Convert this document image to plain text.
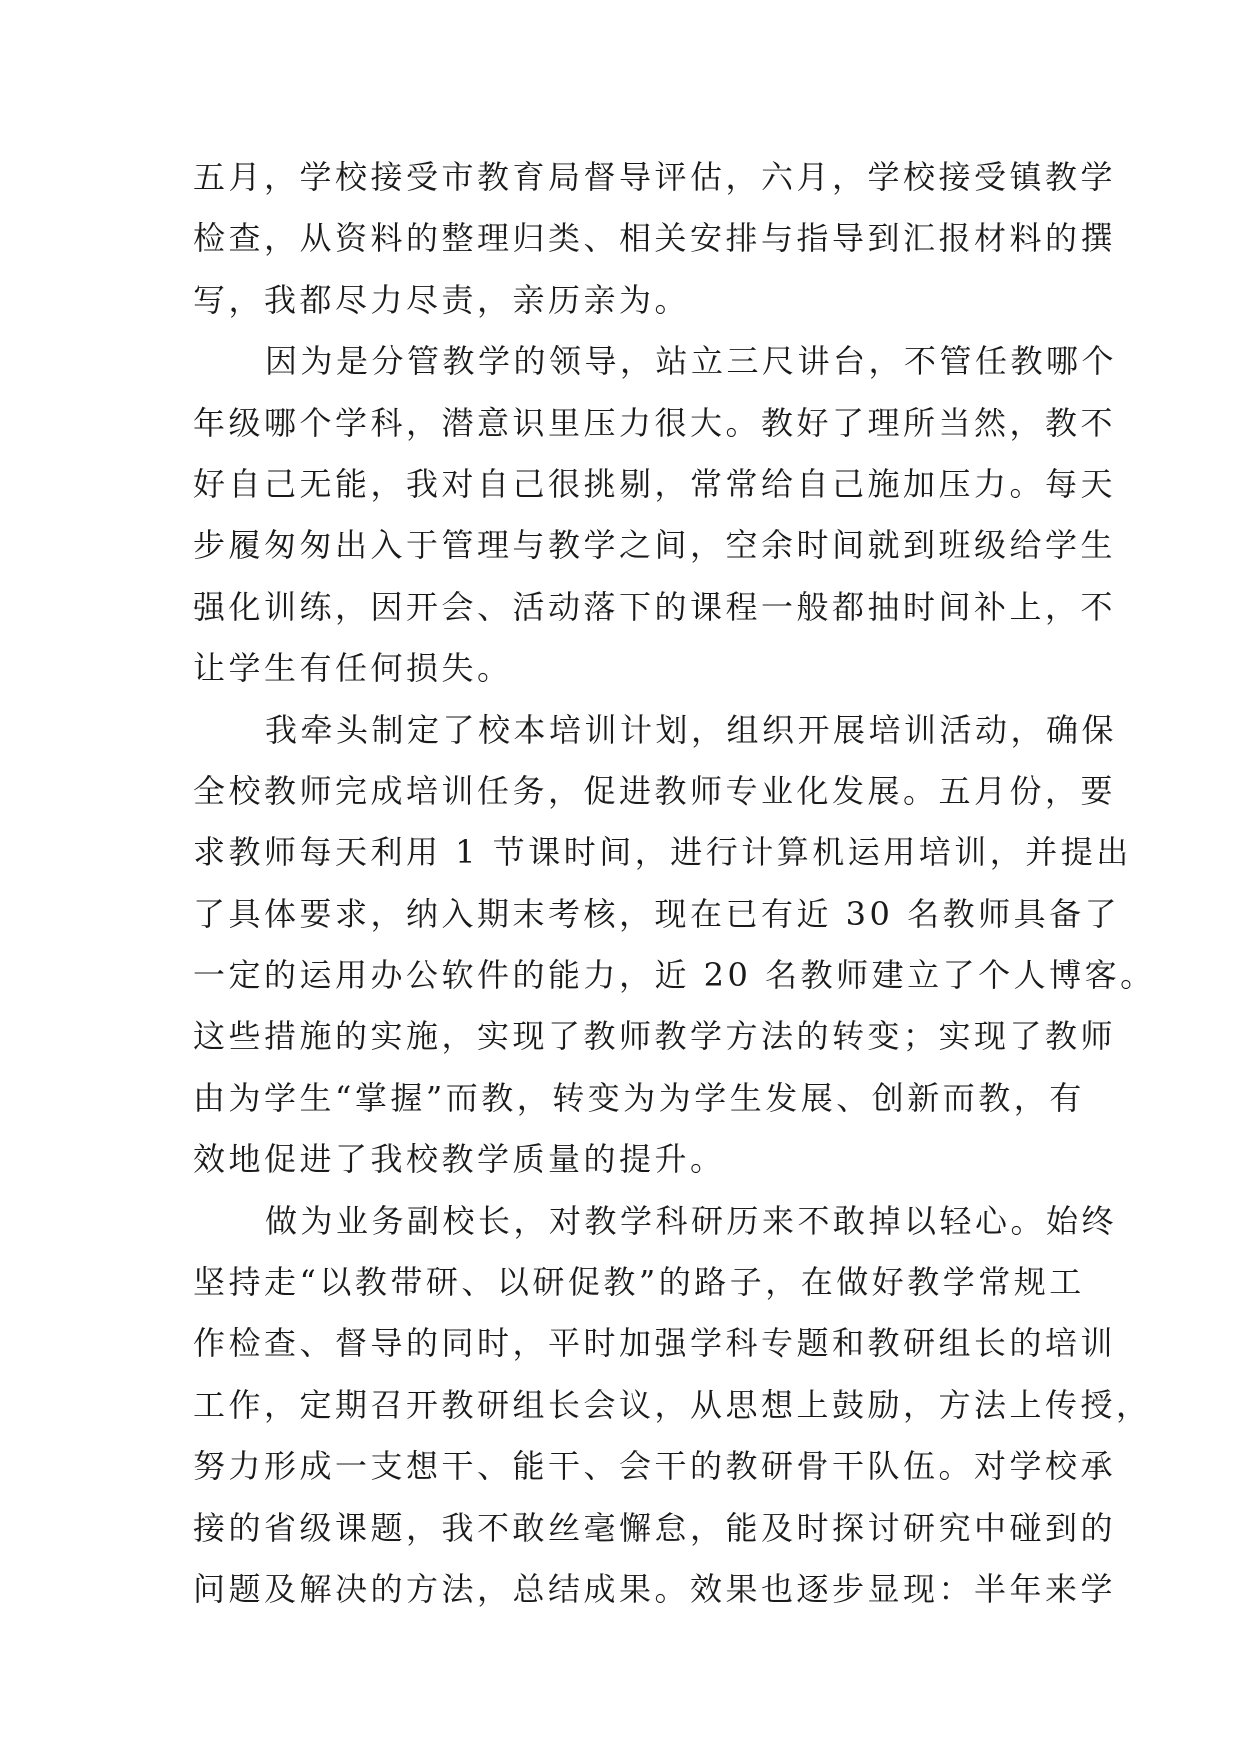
五月，学校接受市教育局督导评估，六月，学校接受镇教学
检查，从资料的整理归类、相关安排与指导到汇报材料的撰
写，我都尽力尽责，亲历亲为。
因为是分管教学的领导，站立三尺讲台，不管任教哪个
年级哪个学科，潜意识里压力很大。教好了理所当然，教不
好自己无能，我对自己很挑剔，常常给自己施加压力。每天
步履匆匆出入于管理与教学之间，空余时间就到班级给学生
强化训练，因开会、活动落下的课程一般都抽时间补上，不
让学生有任何损失。
我牵头制定了校本培训计划，组织开展培训活动，确保
全校教师完成培训任务，促进教师专业化发展。五月份，要
求教师每天利用 1 节课时间，进行计算机运用培训，并提出
了具体要求，纳入期末考核，现在已有近 30 名教师具备了
一定的运用办公软件的能力，近 20 名教师建立了个人博客。
这些措施的实施，实现了教师教学方法的转变；实现了教师
由为学生“掌握”而教，转变为为学生发展、创新而教，有
效地促进了我校教学质量的提升。
做为业务副校长，对教学科研历来不敢掉以轻心。始终
坚持走“以教带研、以研促教”的路子，在做好教学常规工
作检查、督导的同时，平时加强学科专题和教研组长的培训
工作，定期召开教研组长会议，从思想上鼓励，方法上传授，
努力形成一支想干、能干、会干的教研骨干队伍。对学校承
接的省级课题，我不敢丝毫懈怠，能及时探讨研究中碰到的
问题及解决的方法，总结成果。效果也逐步显现：半年来学
